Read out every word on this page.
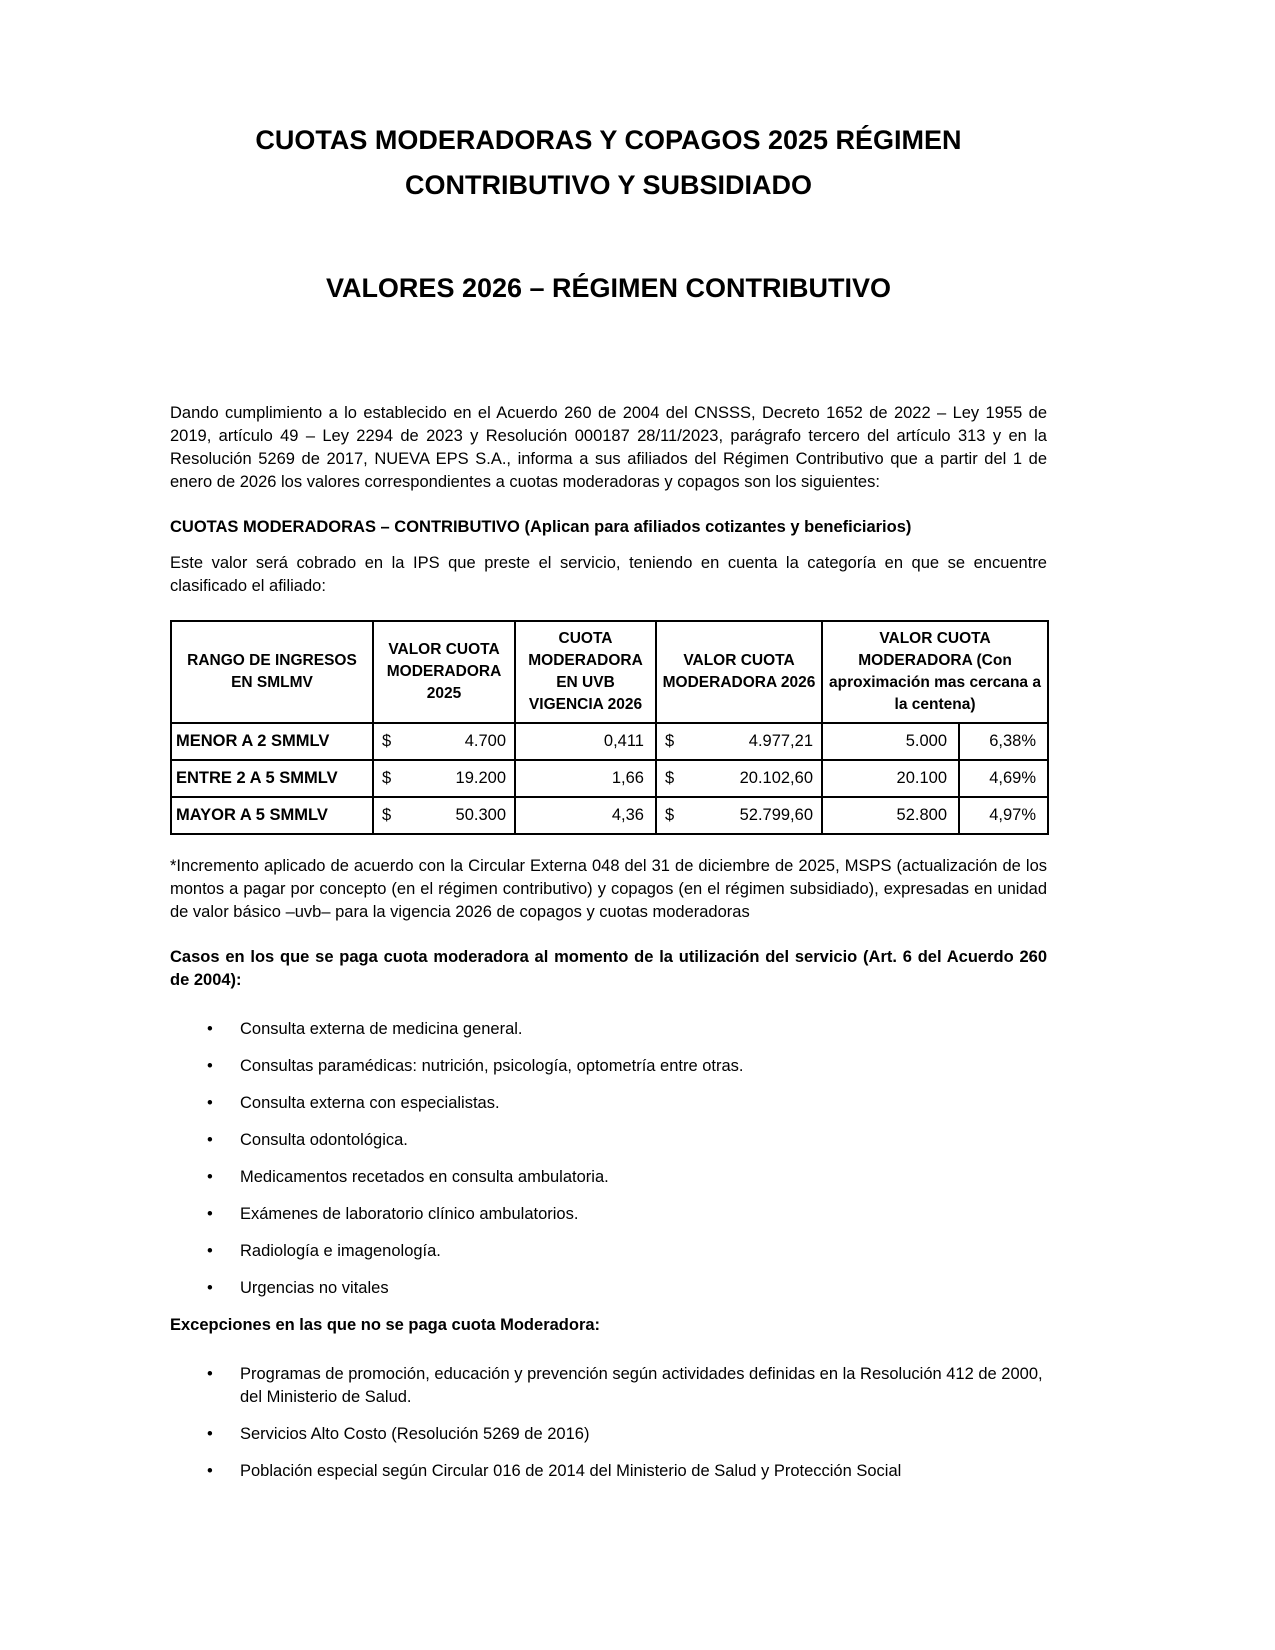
CUOTAS MODERADORAS Y COPAGOS 2025 RÉGIMEN CONTRIBUTIVO Y SUBSIDIADO
VALORES 2026 – RÉGIMEN CONTRIBUTIVO

Dando cumplimiento a lo establecido en el Acuerdo 260 de 2004 del CNSSS, Decreto 1652 de 2022 – Ley 1955 de 2019, artículo 49 – Ley 2294 de 2023 y Resolución 000187 28/11/2023, parágrafo tercero del artículo 313 y en la Resolución 5269 de 2017, NUEVA EPS S.A., informa a sus afiliados del Régimen Contributivo que a partir del 1 de enero de 2026 los valores correspondientes a cuotas moderadoras y copagos son los siguientes:

CUOTAS MODERADORAS – CONTRIBUTIVO (Aplican para afiliados cotizantes y beneficiarios)

Este valor será cobrado en la IPS que preste el servicio, teniendo en cuenta la categoría en que se encuentre clasificado el afiliado:

RANGO DE INGRESOS EN SMLMV	VALOR CUOTA MODERADORA 2025	CUOTA MODERADORA EN UVB VIGENCIA 2026	VALOR CUOTA MODERADORA 2026	VALOR CUOTA MODERADORA (Con aproximación mas cercana a la centena)	
MENOR A 2 SMMLV	$ 4.700	0,411	$ 4.977,21	5.000	6,38%
ENTRE 2 A 5 SMMLV	$ 19.200	1,66	$ 20.102,60	20.100	4,69%
MAYOR A 5 SMMLV	$ 50.300	4,36	$ 52.799,60	52.800	4,97%

*Incremento aplicado de acuerdo con la Circular Externa 048 del 31 de diciembre de 2025, MSPS (actualización de los montos a pagar por concepto (en el régimen contributivo) y copagos (en el régimen subsidiado), expresadas en unidad de valor básico –uvb– para la vigencia 2026 de copagos y cuotas moderadoras

Casos en los que se paga cuota moderadora al momento de la utilización del servicio (Art. 6 del Acuerdo 260 de 2004):

• Consulta externa de medicina general.
• Consultas paramédicas: nutrición, psicología, optometría entre otras.
• Consulta externa con especialistas.
• Consulta odontológica.
• Medicamentos recetados en consulta ambulatoria.
• Exámenes de laboratorio clínico ambulatorios.
• Radiología e imagenología.
• Urgencias no vitales

Excepciones en las que no se paga cuota Moderadora:

• Programas de promoción, educación y prevención según actividades definidas en la Resolución 412 de 2000, del Ministerio de Salud.
• Servicios Alto Costo (Resolución 5269 de 2016)
• Población especial según Circular 016 de 2014 del Ministerio de Salud y Protección Social
